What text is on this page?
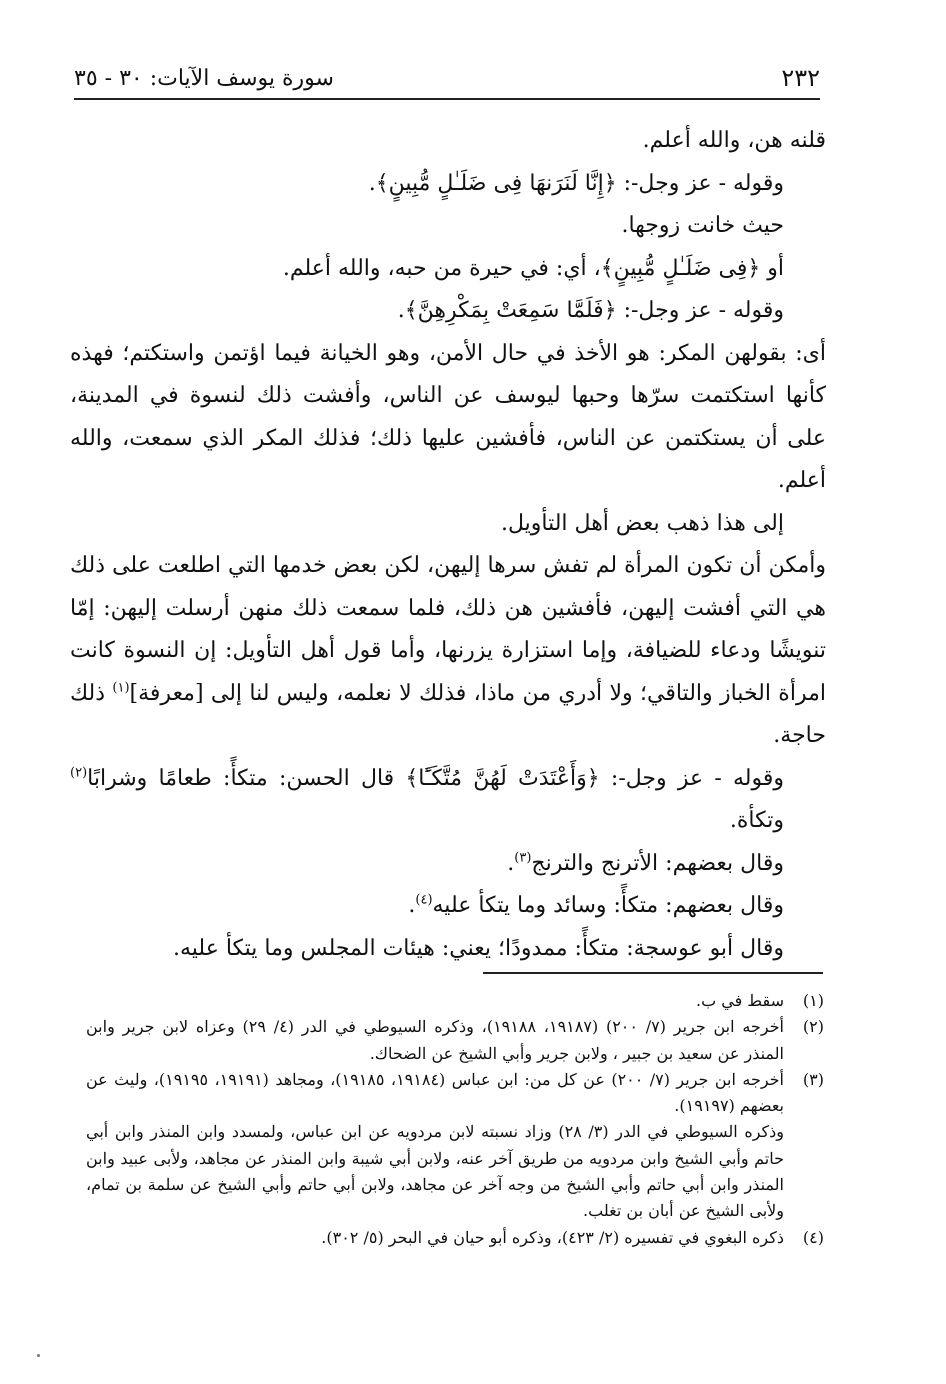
٢٣٢
سورة يوسف الآيات: ٣٠ - ٣٥

قلنه هن، والله أعلم.

وقوله - عز وجل-: ﴿إِنَّا لَنَرَنهَا فِى ضَلَـٰلٍ مُّبِينٍ﴾.

حيث خانت زوجها.

أو ﴿فِى ضَلَـٰلٍ مُّبِينٍ﴾، أي: في حيرة من حبه، والله أعلم.

وقوله - عز وجل-: ﴿فَلَمَّا سَمِعَتْ بِمَكْرِهِنَّ﴾.

أى: بقولهن المكر: هو الأخذ في حال الأمن، وهو الخيانة فيما اؤتمن واستكتم؛ فهذه كأنها استكتمت سرّها وحبها ليوسف عن الناس، وأفشت ذلك لنسوة في المدينة، على أن يستكتمن عن الناس، فأفشين عليها ذلك؛ فذلك المكر الذي سمعت، والله أعلم.

إلى هذا ذهب بعض أهل التأويل.

وأمكن أن تكون المرأة لم تفش سرها إليهن، لكن بعض خدمها التي اطلعت على ذلك هي التي أفشت إليهن، فأفشين هن ذلك، فلما سمعت ذلك منهن أرسلت إليهن: إمّا تنويشًا ودعاء للضيافة، وإما استزارة يزرنها، وأما قول أهل التأويل: إن النسوة كانت امرأة الخباز والتاقي؛ ولا أدري من ماذا، فذلك لا نعلمه، وليس لنا إلى [معرفة]$^{(١)}$ ذلك حاجة.

وقوله - عز وجل-: ﴿وَأَعْتَدَتْ لَهُنَّ مُتَّكَـًٔا﴾ قال الحسن: متكأً: طعامًا وشرابًا$^{(٢)}$ وتكأة.

وقال بعضهم: الأترنج والترنج$^{(٣)}$.

وقال بعضهم: متكأً: وسائد وما يتكأ عليه$^{(٤)}$.

وقال أبو عوسجة: متكأً: ممدودًا؛ يعني: هيئات المجلس وما يتكأ عليه.

(١)
سقط في ب.
(٢)
أخرجه ابن جرير (٧/ ٢٠٠) (١٩١٨٧، ١٩١٨٨)، وذكره السيوطي في الدر (٤/ ٢٩) وعزاه لابن جرير وابن المنذر عن سعيد بن جبير ، ولابن جرير وأبي الشيخ عن الضحاك.
(٣)
أخرجه ابن جرير (٧/ ٢٠٠) عن كل من: ابن عباس (١٩١٨٤، ١٩١٨٥)، ومجاهد (١٩١٩١، ١٩١٩٥)، وليث عن بعضهم (١٩١٩٧).
وذكره السيوطي في الدر (٣/ ٢٨) وزاد نسبته لابن مردويه عن ابن عباس، ولمسدد وابن المنذر وابن أبي حاتم وأبي الشيخ وابن مردويه من طريق آخر عنه، ولابن أبي شيبة وابن المنذر عن مجاهد، ولأبى عبيد وابن المنذر وابن أبي حاتم وأبي الشيخ من وجه آخر عن مجاهد، ولابن أبي حاتم وأبي الشيخ عن سلمة بن تمام، ولأبى الشيخ عن أبان بن تغلب.
(٤)
ذكره البغوي في تفسيره (٢/ ٤٢٣)، وذكره أبو حيان في البحر (٥/ ٣٠٢).
